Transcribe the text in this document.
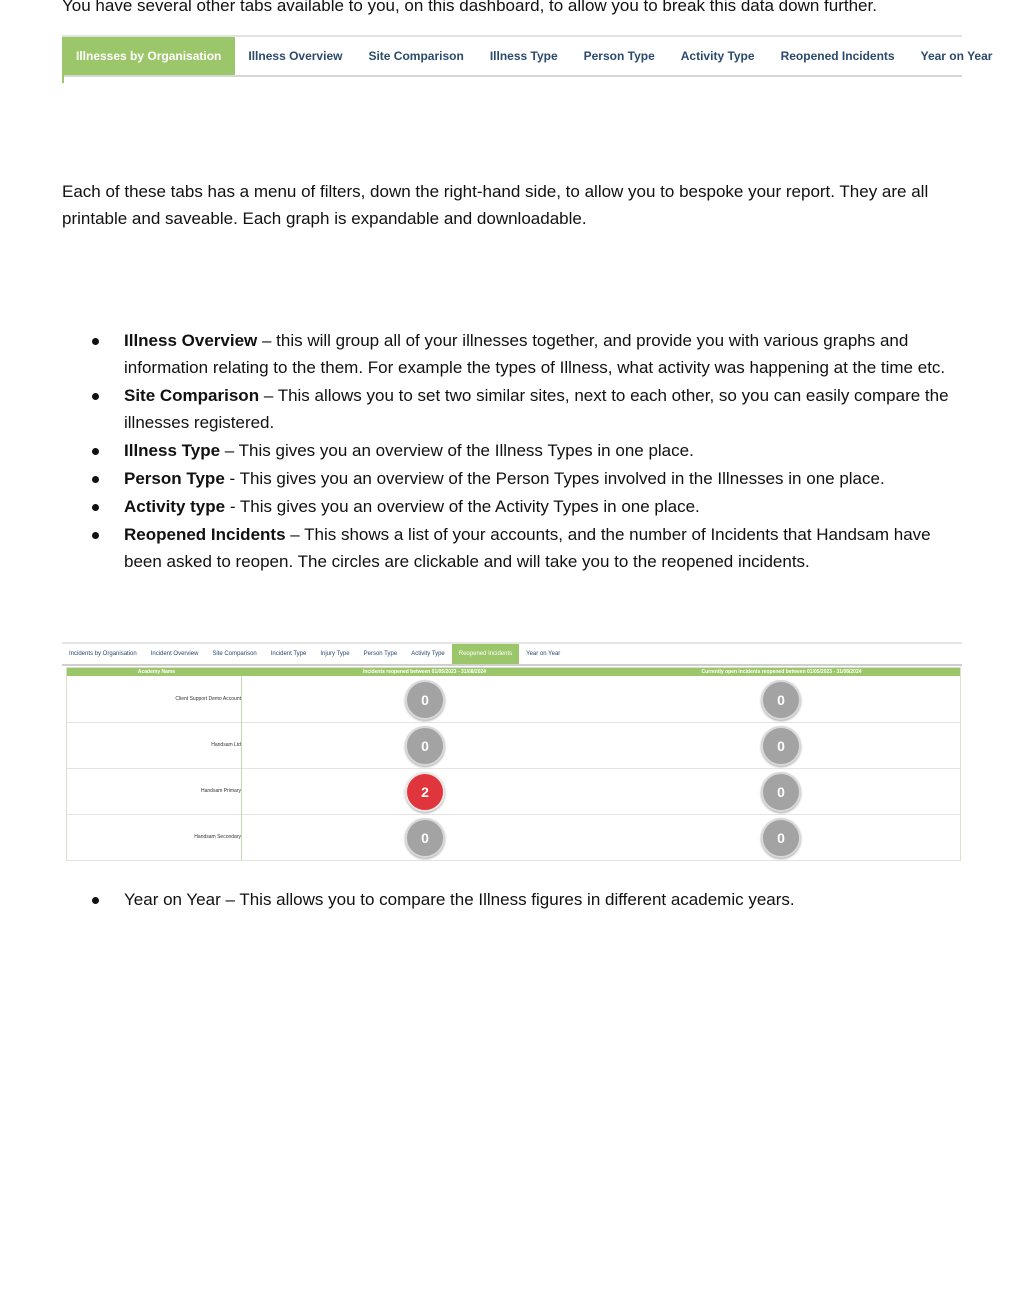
You have several other tabs available to you, on this dashboard, to allow you to break this data down further.

Illnesses by Organisation	Illness Overview	Site Comparison	Illness Type	Person Type	Activity Type	Reopened Incidents	Year on Year

Each of these tabs has a menu of filters, down the right-hand side, to allow you to bespoke your report. They are all printable and saveable. Each graph is expandable and downloadable.

Illness Overview – this will group all of your illnesses together, and provide you with various graphs and information relating to the them. For example the types of Illness, what activity was happening at the time etc.
Site Comparison – This allows you to set two similar sites, next to each other, so you can easily compare the illnesses registered.
Illness Type – This gives you an overview of the Illness Types in one place.
Person Type - This gives you an overview of the Person Types involved in the Illnesses in one place.
Activity type - This gives you an overview of the Activity Types in one place.
Reopened Incidents – This shows a list of your accounts, and the number of Incidents that Handsam have been asked to reopen. The circles are clickable and will take you to the reopened incidents.
Incidents by Organisation	Incident Overview	Site Comparison	Incident Type	Injury Type	Person Type	Activity Type	Reopened Incidents	Year on Year
Academy Name	Incidents reopened between 01/05/2023 - 31/08/2024	Currently open incidents reopened between 01/05/2023 - 31/08/2024
Client Support Demo Account	0	0
Handsam Ltd	0	0
Handsam Primary	2	0
Handsam Secondary	0	0
Year on Year – This allows you to compare the Illness figures in different academic years.
